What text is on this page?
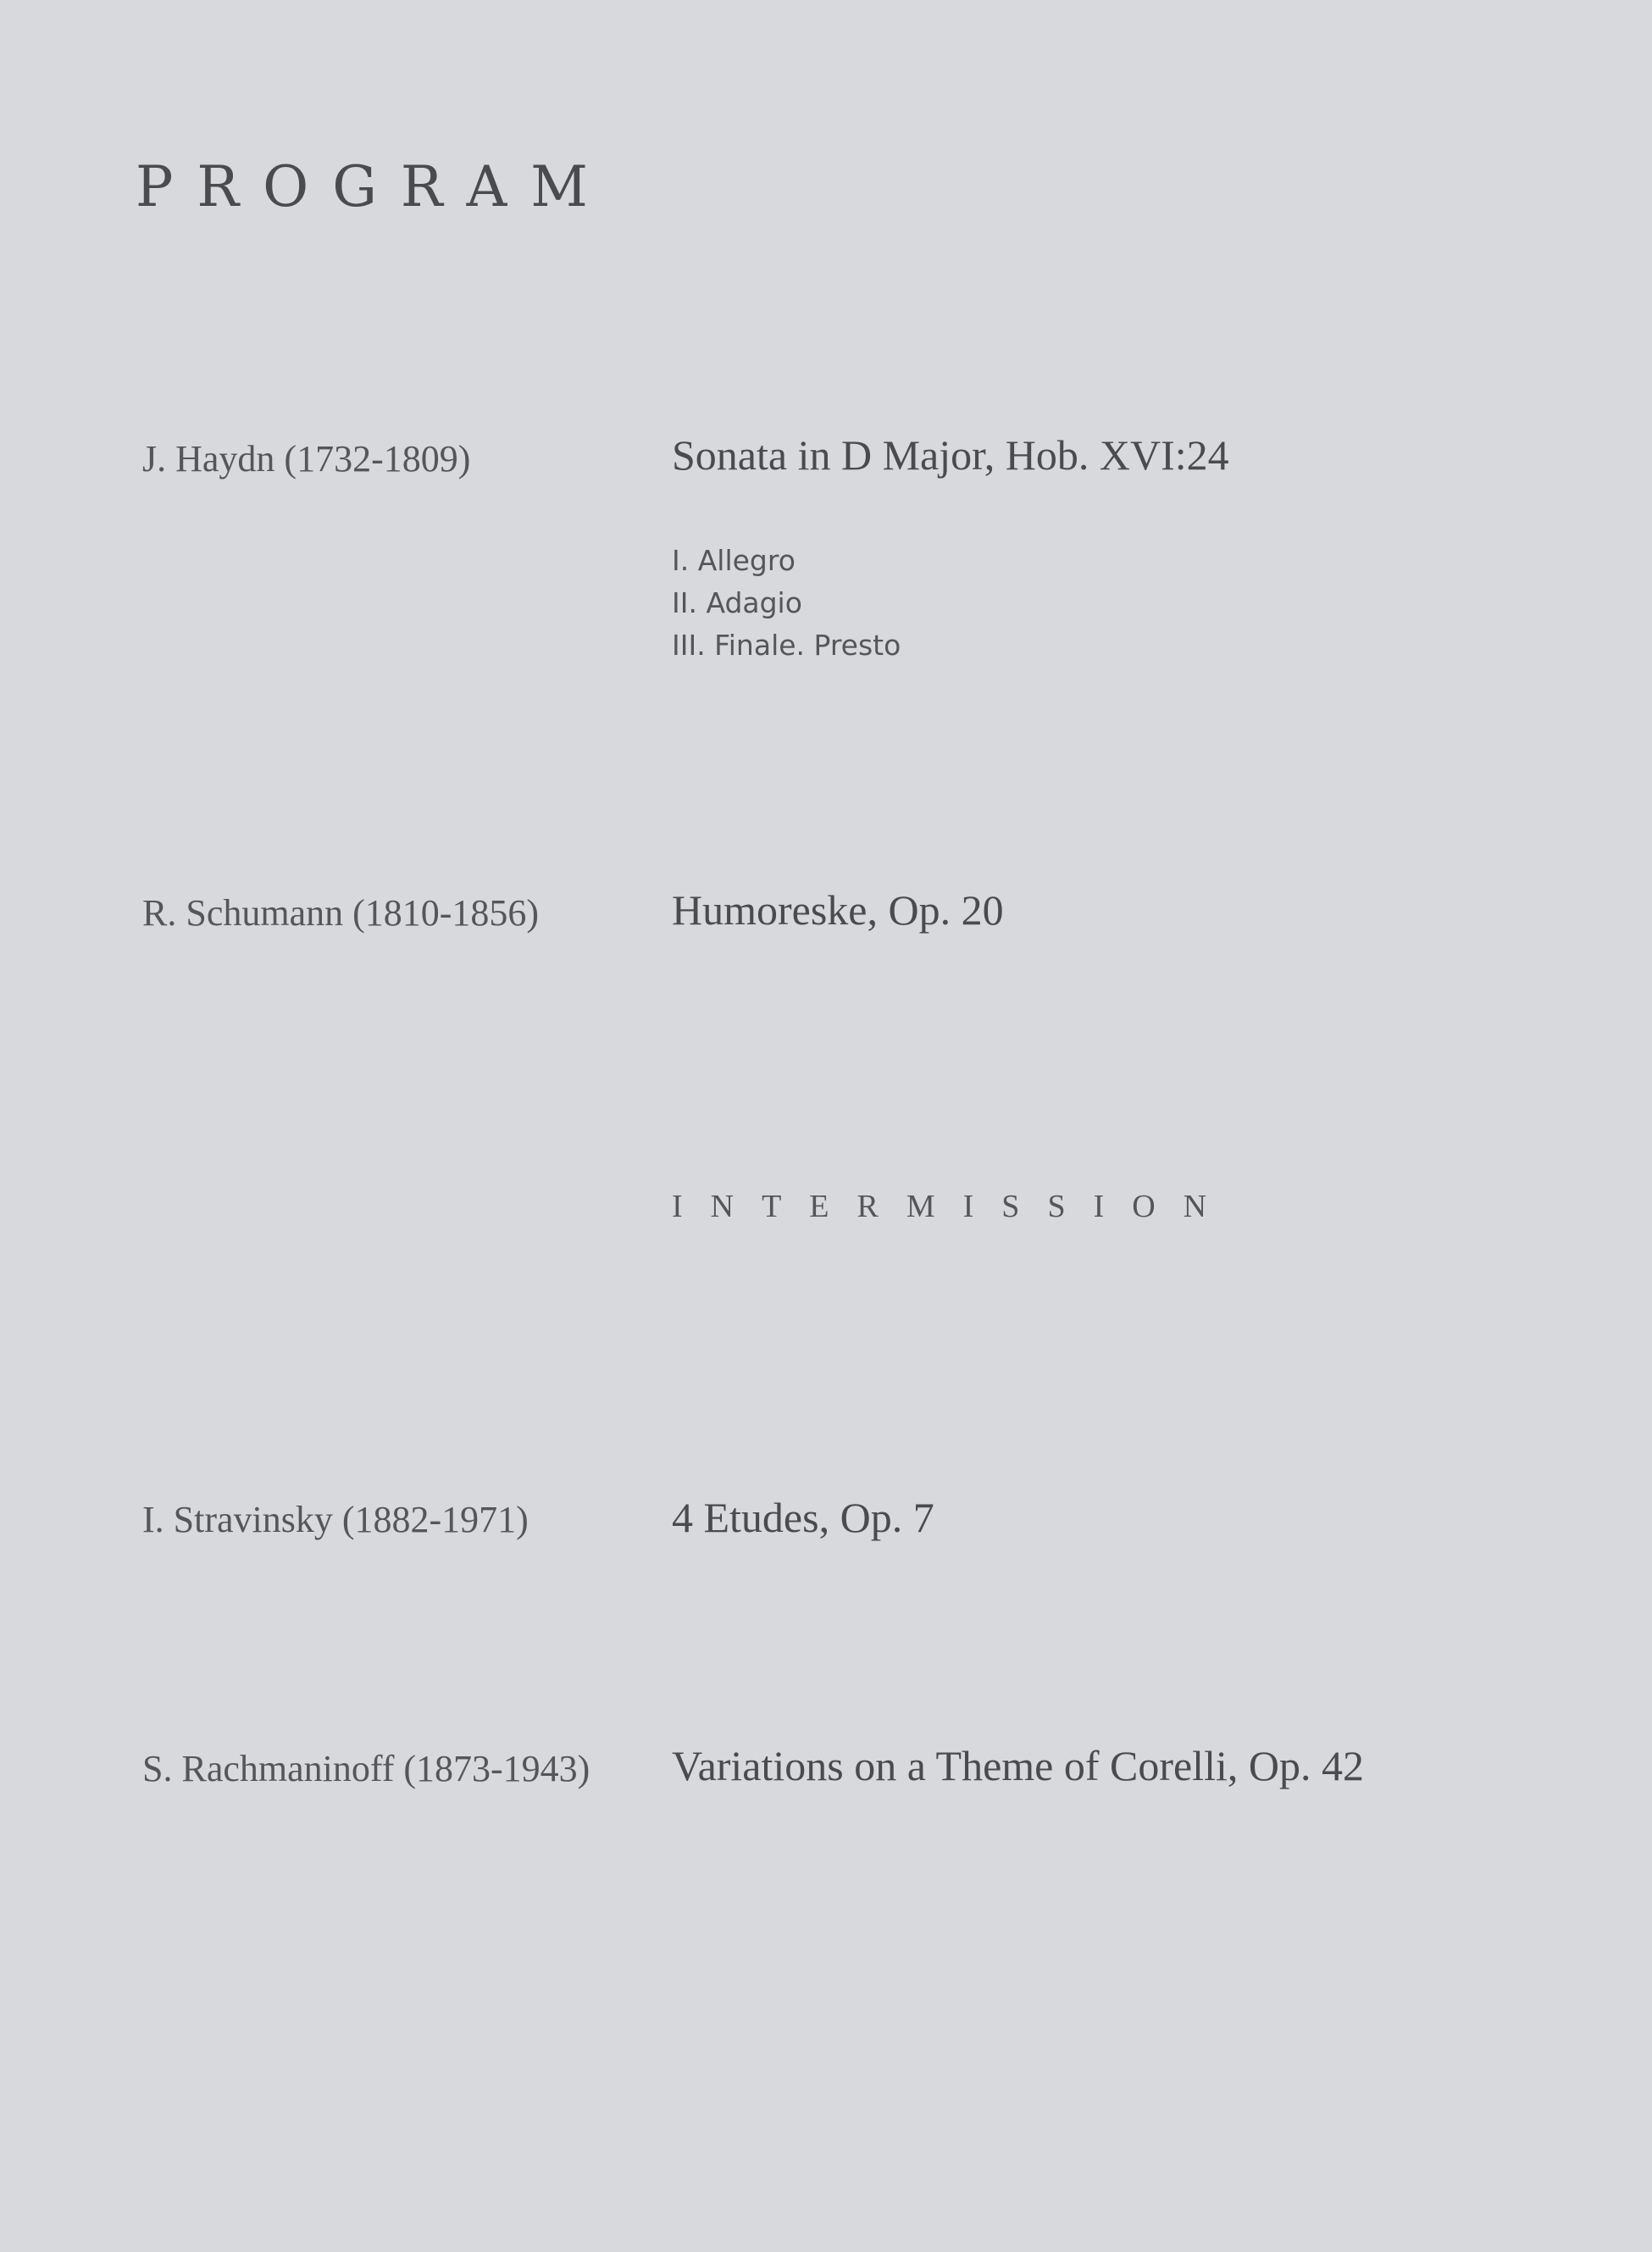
PROGRAM
J. Haydn (1732-1809)	Sonata in D Major, Hob. XVI:24
I. Allegro
II. Adagio
III. Finale. Presto
R. Schumann (1810-1856)	Humoreske, Op. 20
INTERMISSION
I. Stravinsky (1882-1971)	4 Etudes, Op. 7
S. Rachmaninoff (1873-1943) Variations on a Theme of Corelli, Op. 42
